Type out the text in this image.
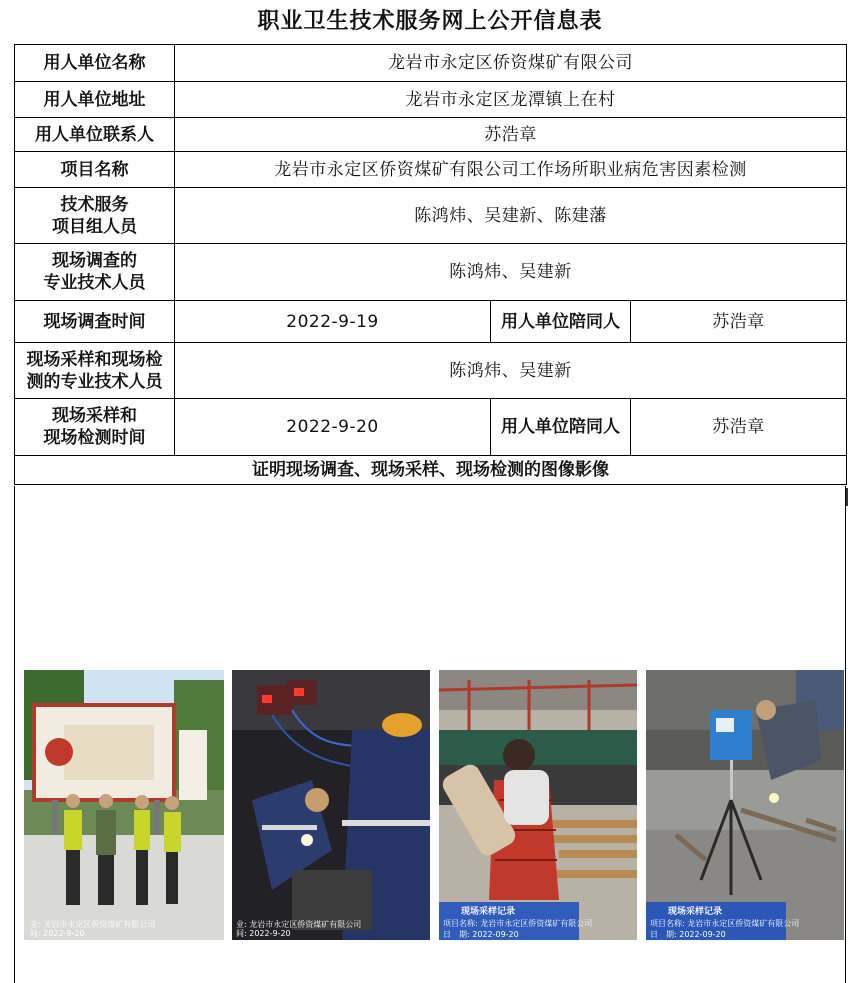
职业卫生技术服务网上公开信息表
用人单位名称	龙岩市永定区侨资煤矿有限公司		
用人单位地址	龙岩市永定区龙潭镇上在村		
用人单位联系人	苏浩章		
项目名称	龙岩市永定区侨资煤矿有限公司工作场所职业病危害因素检测		

技术服务
项目组人员	陈鸿炜、吴建新、陈建藩		

现场调查的
专业技术人员	陈鸿炜、吴建新		
现场调查时间	2022-9-19	用人单位陪同人	苏浩章

现场采样和现场检
测的专业技术人员	陈鸿炜、吴建新		

现场采样和
现场检测时间	2022-9-20	用人单位陪同人	苏浩章
证明现场调查、现场采样、现场检测的图像影像			
业: 龙岩市永定区侨资煤矿有限公司
间: 2022-9-20
业: 龙岩市永定区侨资煤矿有限公司
间: 2022-9-20
现场采样记录
项目名称: 龙岩市永定区侨资煤矿有限公司
日　期: 2022-09-20
现场采样记录
项目名称: 龙岩市永定区侨资煤矿有限公司
日　期: 2022-09-20
